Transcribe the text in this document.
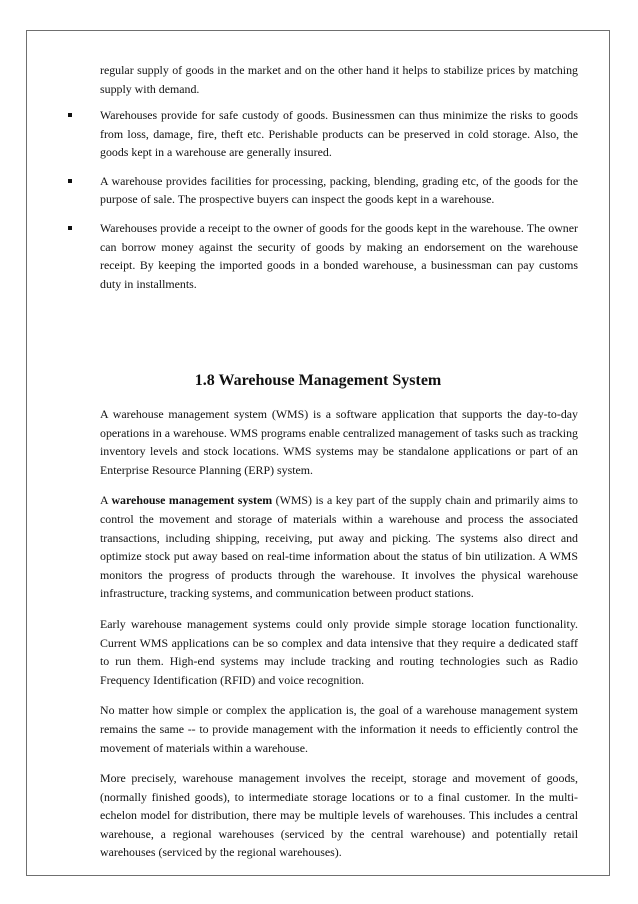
regular supply of goods in the market and on the other hand it helps to stabilize prices by matching supply with demand.

Warehouses provide for safe custody of goods. Businessmen can thus minimize the risks to goods from loss, damage, fire, theft etc. Perishable products can be preserved in cold storage. Also, the goods kept in a warehouse are generally insured.
A warehouse provides facilities for processing, packing, blending, grading etc, of the goods for the purpose of sale. The prospective buyers can inspect the goods kept in a warehouse.
Warehouses provide a receipt to the owner of goods for the goods kept in the warehouse. The owner can borrow money against the security of goods by making an endorsement on the warehouse receipt. By keeping the imported goods in a bonded warehouse, a businessman can pay customs duty in installments.
1.8 Warehouse Management System

A warehouse management system (WMS) is a software application that supports the day-to-day operations in a warehouse. WMS programs enable centralized management of tasks such as tracking inventory levels and stock locations. WMS systems may be standalone applications or part of an Enterprise Resource Planning (ERP) system.

A warehouse management system (WMS) is a key part of the supply chain and primarily aims to control the movement and storage of materials within a warehouse and process the associated transactions, including shipping, receiving, put away and picking. The systems also direct and optimize stock put away based on real-time information about the status of bin utilization. A WMS monitors the progress of products through the warehouse. It involves the physical warehouse infrastructure, tracking systems, and communication between product stations.

Early warehouse management systems could only provide simple storage location functionality. Current WMS applications can be so complex and data intensive that they require a dedicated staff to run them. High-end systems may include tracking and routing technologies such as Radio Frequency Identification (RFID) and voice recognition.

No matter how simple or complex the application is, the goal of a warehouse management system remains the same -- to provide management with the information it needs to efficiently control the movement of materials within a warehouse.

More precisely, warehouse management involves the receipt, storage and movement of goods, (normally finished goods), to intermediate storage locations or to a final customer. In the multi-echelon model for distribution, there may be multiple levels of warehouses. This includes a central warehouse, a regional warehouses (serviced by the central warehouse) and potentially retail warehouses (serviced by the regional warehouses).
